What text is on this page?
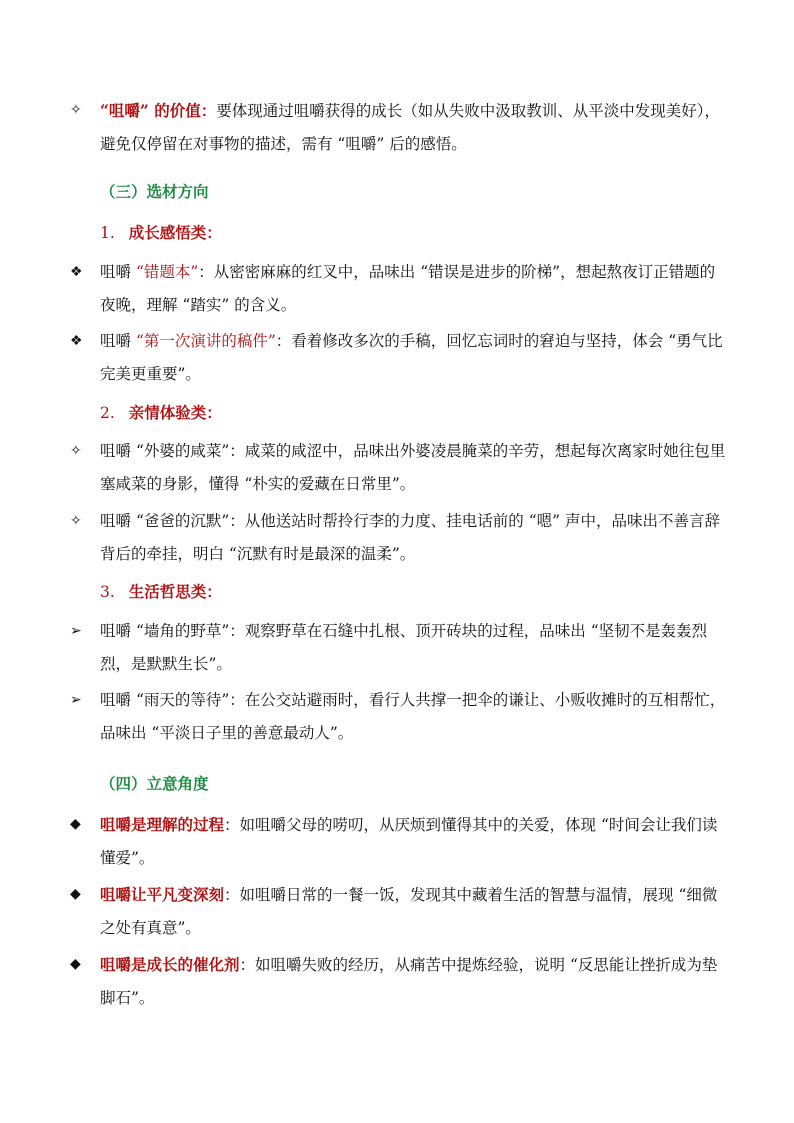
✧	“咀嚼” 的价值：要体现通过咀嚼获得的成长（如从失败中汲取教训、从平淡中发现美好），避免仅停留在对事物的描述，需有 “咀嚼” 后的感悟。
（三）选材方向
1. 成长感悟类：
❖	咀嚼 “错题本”：从密密麻麻的红叉中，品味出 “错误是进步的阶梯”，想起熬夜订正错题的夜晚，理解 “踏实” 的含义。
❖	咀嚼 “第一次演讲的稿件”：看着修改多次的手稿，回忆忘词时的窘迫与坚持，体会 “勇气比完美更重要”。
2. 亲情体验类：
✧	咀嚼 “外婆的咸菜”：咸菜的咸涩中，品味出外婆凌晨腌菜的辛劳，想起每次离家时她往包里塞咸菜的身影，懂得 “朴实的爱藏在日常里”。
✧	咀嚼 “爸爸的沉默”：从他送站时帮拎行李的力度、挂电话前的 “嗯” 声中，品味出不善言辞背后的牵挂，明白 “沉默有时是最深的温柔”。
3. 生活哲思类：
➢	咀嚼 “墙角的野草”：观察野草在石缝中扎根、顶开砖块的过程，品味出 “坚韧不是轰轰烈烈，是默默生长”。
➢	咀嚼 “雨天的等待”：在公交站避雨时，看行人共撑一把伞的谦让、小贩收摊时的互相帮忙，品味出 “平淡日子里的善意最动人”。
（四）立意角度
◆	咀嚼是理解的过程：如咀嚼父母的唠叨，从厌烦到懂得其中的关爱，体现 “时间会让我们读懂爱”。
◆	咀嚼让平凡变深刻：如咀嚼日常的一餐一饭，发现其中藏着生活的智慧与温情，展现 “细微之处有真意”。
◆	咀嚼是成长的催化剂：如咀嚼失败的经历，从痛苦中提炼经验，说明 “反思能让挫折成为垫脚石”。
